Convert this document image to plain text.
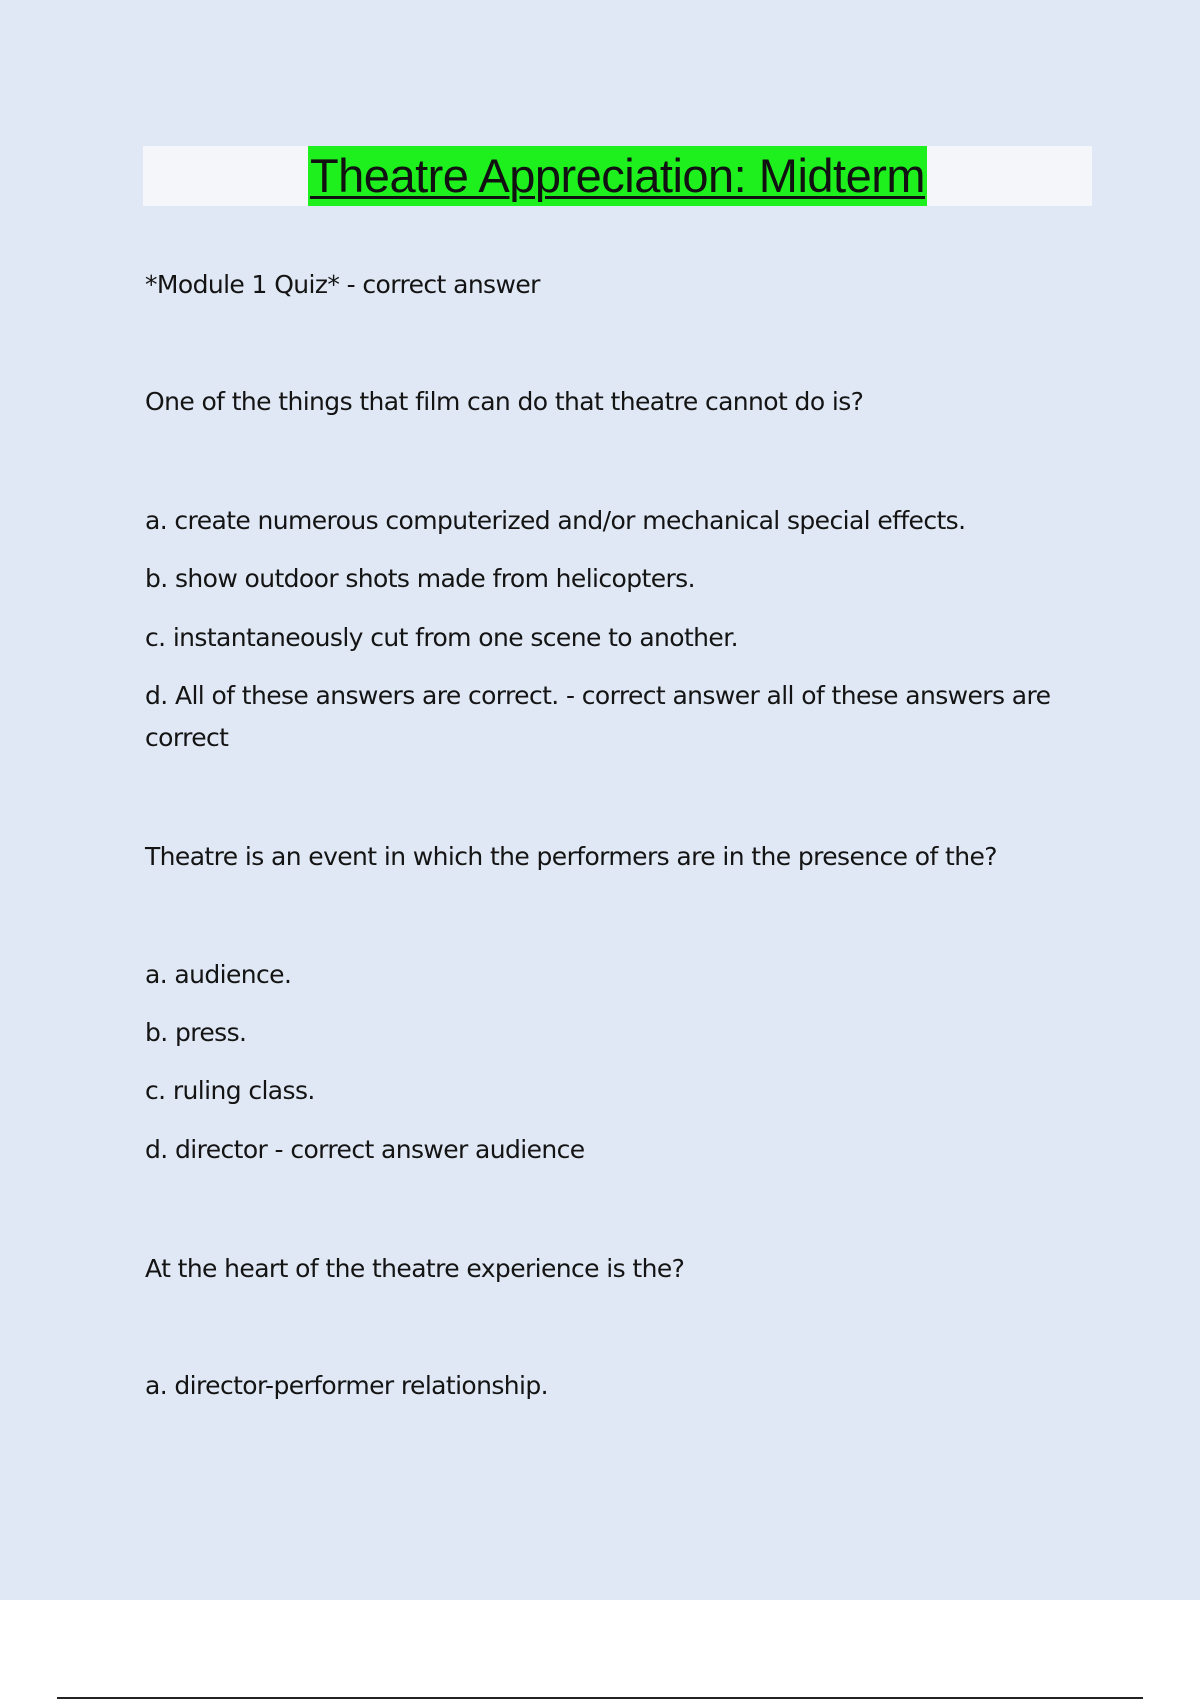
Theatre Appreciation: Midterm
*Module 1 Quiz* - correct answer
One of the things that film can do that theatre cannot do is?
a. create numerous computerized and/or mechanical special effects.
b. show outdoor shots made from helicopters.
c. instantaneously cut from one scene to another.
d. All of these answers are correct. - correct answer all of these answers are correct
Theatre is an event in which the performers are in the presence of the?
a. audience.
b. press.
c. ruling class.
d. director - correct answer audience
At the heart of the theatre experience is the?
a. director-performer relationship.
